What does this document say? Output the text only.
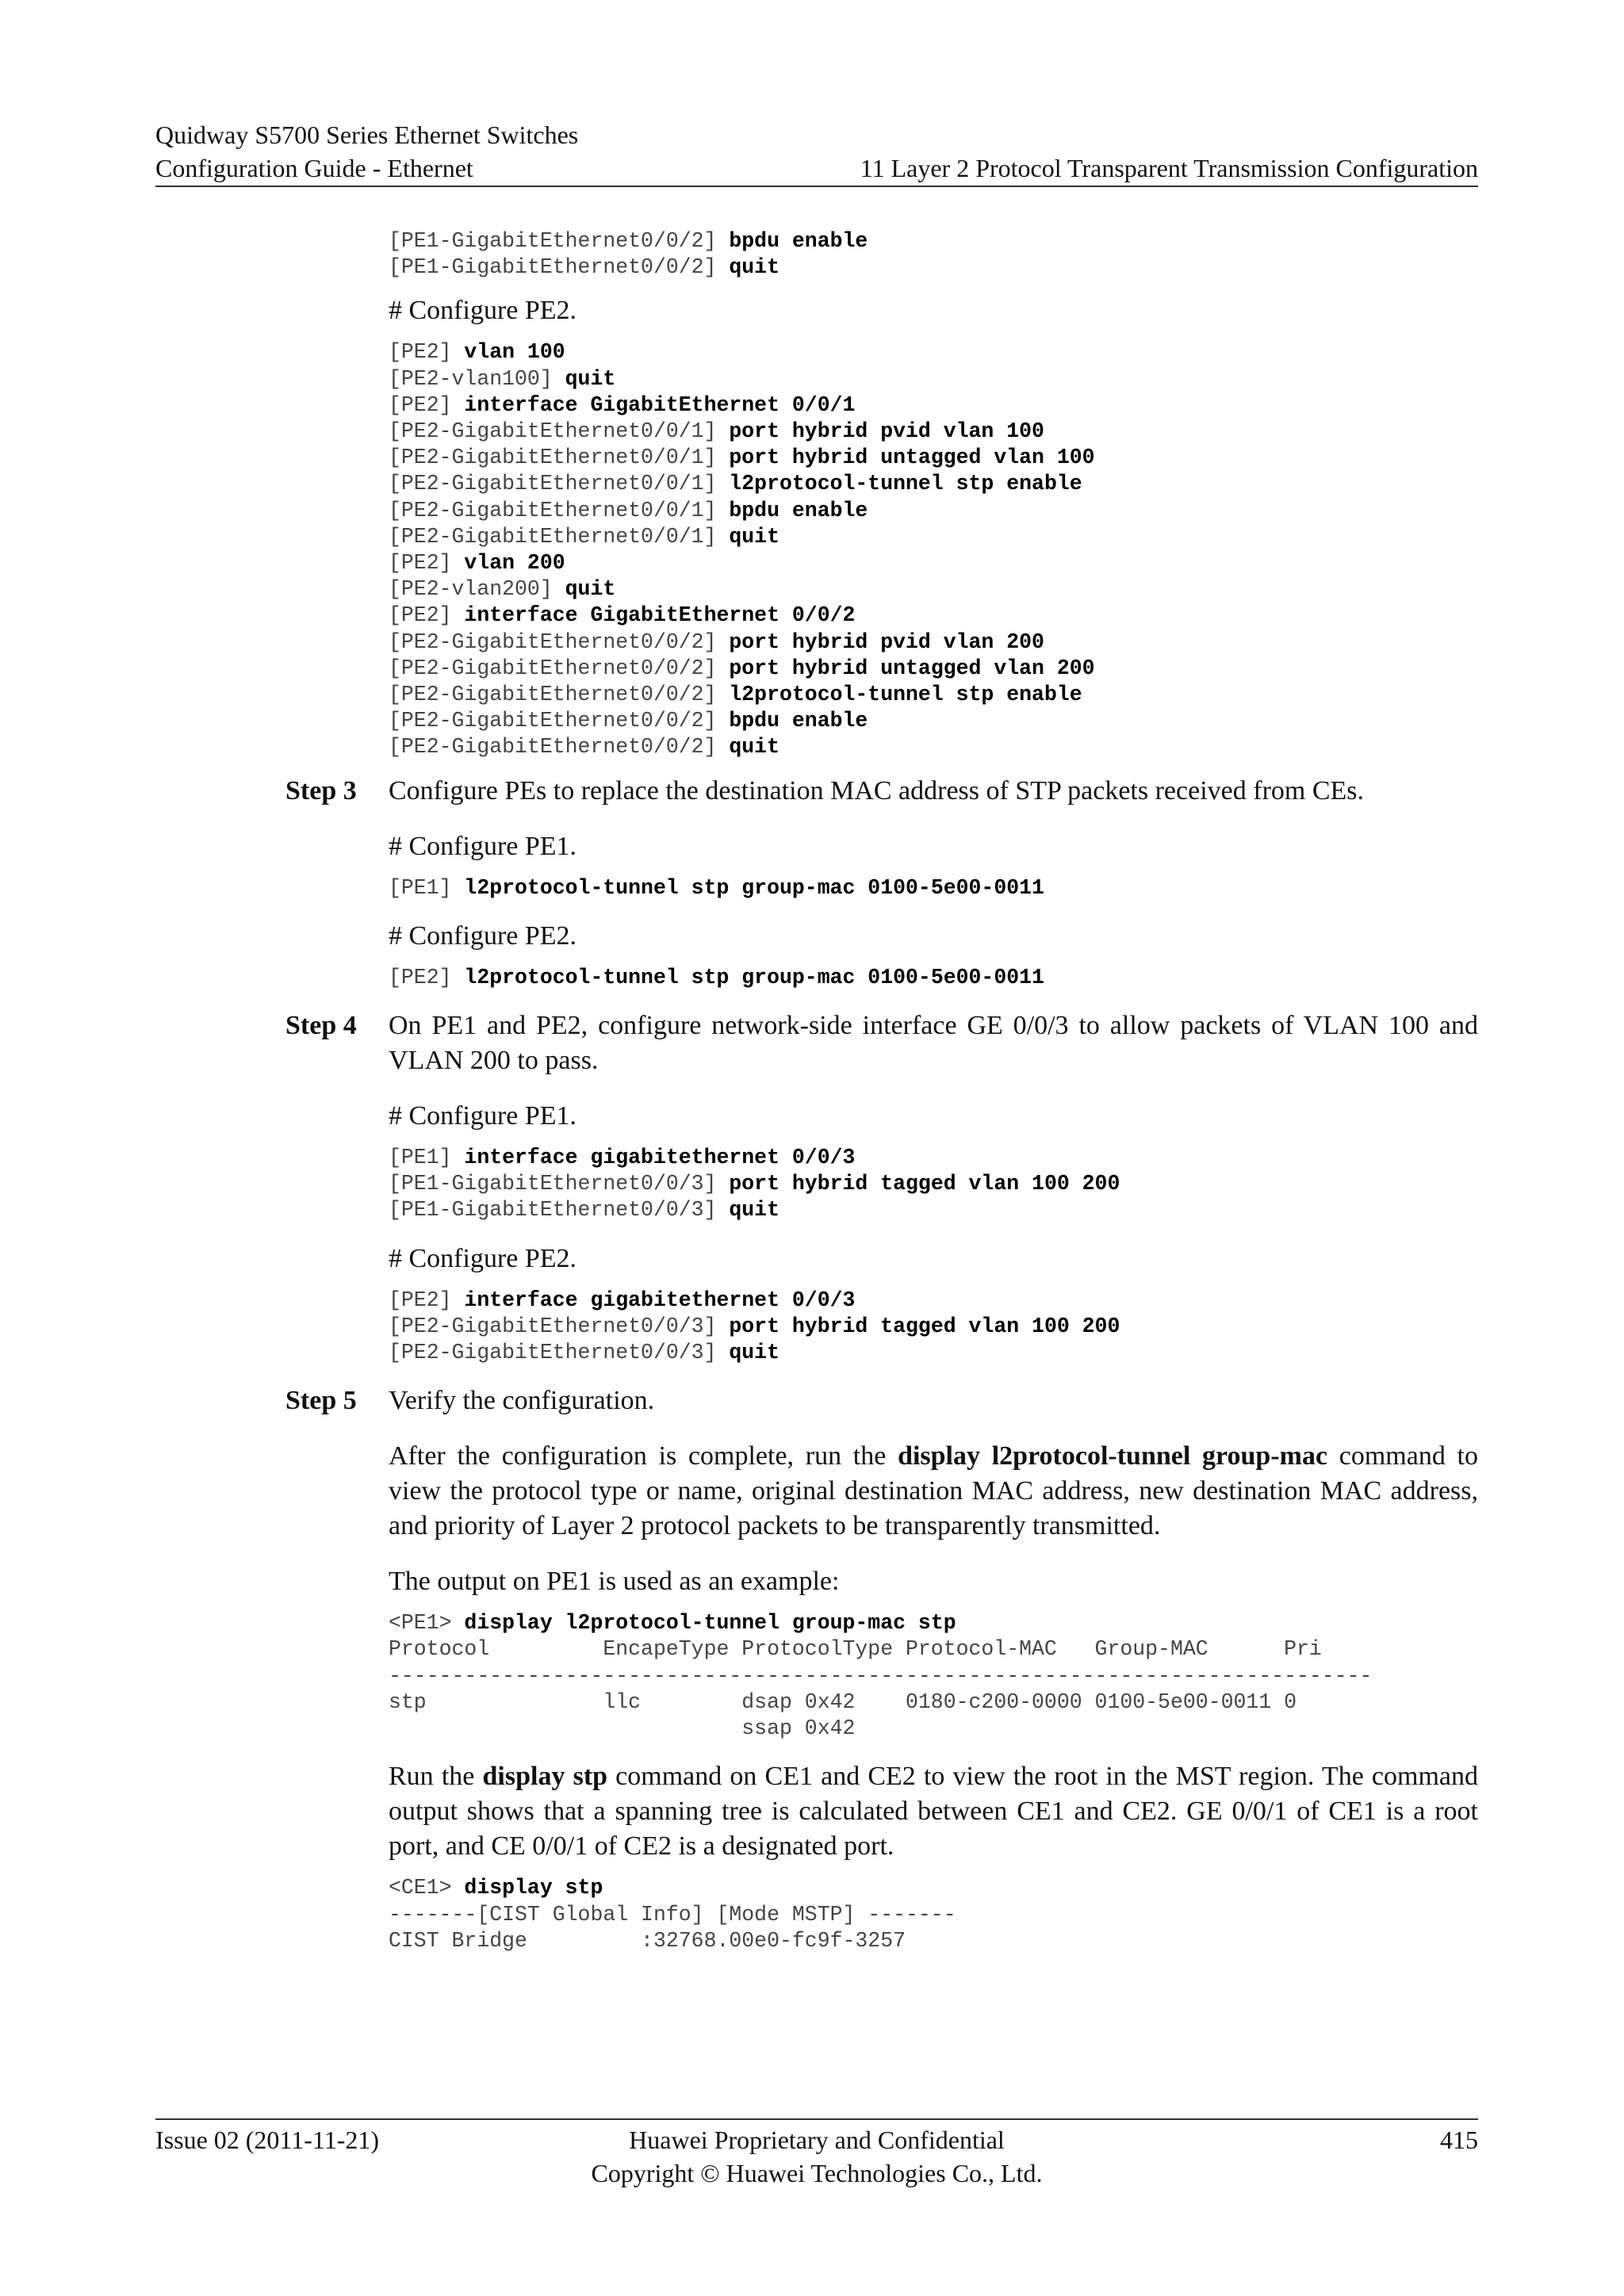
Quidway S5700 Series Ethernet Switches
Configuration Guide - Ethernet	11 Layer 2 Protocol Transparent Transmission Configuration
[PE1-GigabitEthernet0/0/2] bpdu enable
[PE1-GigabitEthernet0/0/2] quit
# Configure PE2.
[PE2] vlan 100
[PE2-vlan100] quit
[PE2] interface GigabitEthernet 0/0/1
[PE2-GigabitEthernet0/0/1] port hybrid pvid vlan 100
[PE2-GigabitEthernet0/0/1] port hybrid untagged vlan 100
[PE2-GigabitEthernet0/0/1] l2protocol-tunnel stp enable
[PE2-GigabitEthernet0/0/1] bpdu enable
[PE2-GigabitEthernet0/0/1] quit
[PE2] vlan 200
[PE2-vlan200] quit
[PE2] interface GigabitEthernet 0/0/2
[PE2-GigabitEthernet0/0/2] port hybrid pvid vlan 200
[PE2-GigabitEthernet0/0/2] port hybrid untagged vlan 200
[PE2-GigabitEthernet0/0/2] l2protocol-tunnel stp enable
[PE2-GigabitEthernet0/0/2] bpdu enable
[PE2-GigabitEthernet0/0/2] quit
Step 3 Configure PEs to replace the destination MAC address of STP packets received from CEs.
# Configure PE1.
[PE1] l2protocol-tunnel stp group-mac 0100-5e00-0011
# Configure PE2.
[PE2] l2protocol-tunnel stp group-mac 0100-5e00-0011
Step 4 On PE1 and PE2, configure network-side interface GE 0/0/3 to allow packets of VLAN 100 and VLAN 200 to pass.
# Configure PE1.
[PE1] interface gigabitethernet 0/0/3
[PE1-GigabitEthernet0/0/3] port hybrid tagged vlan 100 200
[PE1-GigabitEthernet0/0/3] quit
# Configure PE2.
[PE2] interface gigabitethernet 0/0/3
[PE2-GigabitEthernet0/0/3] port hybrid tagged vlan 100 200
[PE2-GigabitEthernet0/0/3] quit
Step 5 Verify the configuration.
After the configuration is complete, run the display l2protocol-tunnel group-mac command to view the protocol type or name, original destination MAC address, new destination MAC address, and priority of Layer 2 protocol packets to be transparently transmitted.
The output on PE1 is used as an example:
<PE1> display l2protocol-tunnel group-mac stp
Protocol         EncapeType ProtocolType Protocol-MAC   Group-MAC      Pri
------------------------------------------------------------------------------
stp              llc        dsap 0x42    0180-c200-0000 0100-5e00-0011 0
ssap 0x42
Run the display stp command on CE1 and CE2 to view the root in the MST region. The command output shows that a spanning tree is calculated between CE1 and CE2. GE 0/0/1 of CE1 is a root port, and CE 0/0/1 of CE2 is a designated port.
<CE1> display stp
-------[CIST Global Info] [Mode MSTP] -------
CIST Bridge         :32768.00e0-fc9f-3257
Issue 02 (2011-11-21)	Huawei Proprietary and Confidential
Copyright © Huawei Technologies Co., Ltd.
415
